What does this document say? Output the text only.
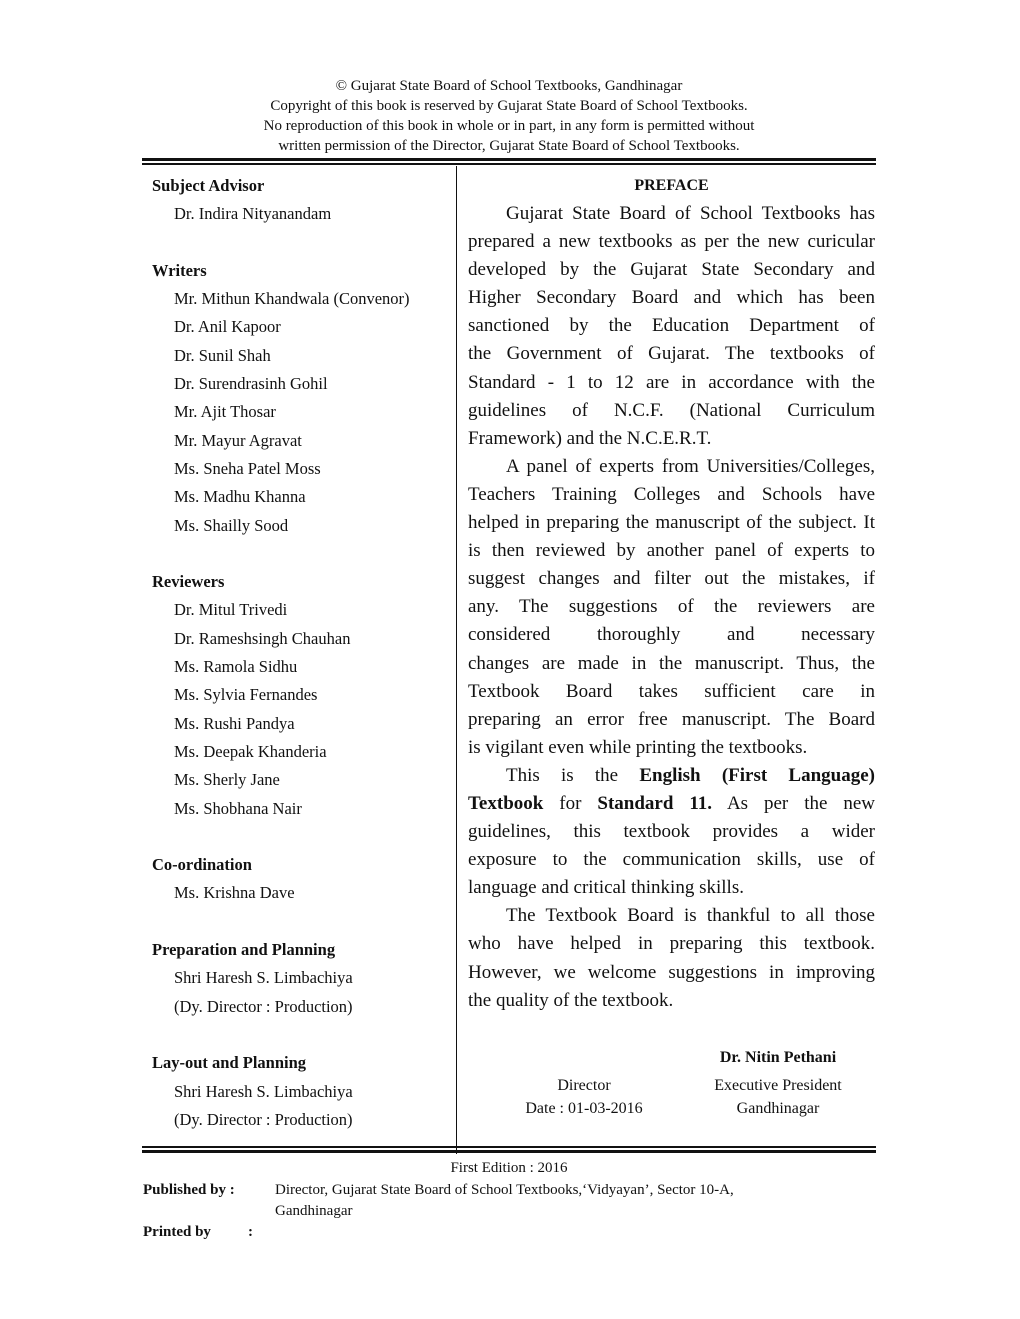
© Gujarat State Board of School Textbooks, Gandhinagar
Copyright of this book is reserved by Gujarat State Board of School Textbooks.
No reproduction of this book in whole or in part, in any form is permitted without
written permission of the Director, Gujarat State Board of School Textbooks.
Subject Advisor
Dr. Indira Nityanandam
Writers
Mr. Mithun Khandwala (Convenor)
Dr. Anil Kapoor
Dr. Sunil Shah
Dr. Surendrasinh Gohil
Mr. Ajit Thosar
Mr. Mayur Agravat
Ms. Sneha Patel Moss
Ms. Madhu Khanna
Ms. Shailly Sood
Reviewers
Dr. Mitul Trivedi
Dr. Rameshsingh Chauhan
Ms. Ramola Sidhu
Ms. Sylvia Fernandes
Ms. Rushi Pandya
Ms. Deepak Khanderia
Ms. Sherly Jane
Ms. Shobhana Nair
Co-ordination
Ms. Krishna Dave
Preparation and Planning
Shri Haresh S. Limbachiya
(Dy. Director : Production)
Lay-out and Planning
Shri Haresh S. Limbachiya
(Dy. Director : Production)
PREFACE
Gujarat State Board of School Textbooks has
prepared a new textbooks as per the new curicular
developed by the Gujarat State Secondary and
Higher Secondary Board and which has been
sanctioned by the Education Department of
the Government of Gujarat. The textbooks of
Standard - 1 to 12 are in accordance with the
guidelines of N.C.F. (National Curriculum
Framework) and the N.C.E.R.T.
A panel of experts from Universities/Colleges,
Teachers Training Colleges and Schools have
helped in preparing the manuscript of the subject. It
is then reviewed by another panel of experts to
suggest changes and filter out the mistakes, if
any. The suggestions of the reviewers are
considered thoroughly and necessary
changes are made in the manuscript. Thus, the
Textbook Board takes sufficient care in
preparing an error free manuscript. The Board
is vigilant even while printing the textbooks.
This is the English (First Language)
Textbook for Standard 11. As per the new
guidelines, this textbook provides a wider
exposure to the communication skills, use of
language and critical thinking skills.
The Textbook Board is thankful to all those
who have helped in preparing this textbook.
However, we welcome suggestions in improving
the quality of the textbook.
Dr. Nitin Pethani
Director
Date : 01-03-2016
Executive President
Gandhinagar
First Edition : 2016
Published by :	Director, Gujarat State Board of School Textbooks,‘Vidyayan’, Sector 10-A,
Gandhinagar
Printed by :
